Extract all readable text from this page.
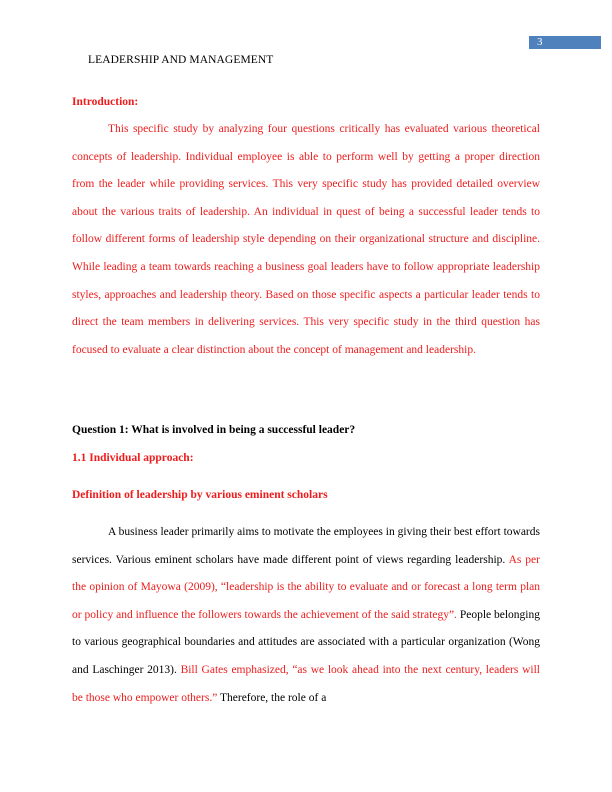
3
LEADERSHIP AND MANAGEMENT
Introduction:

This specific study by analyzing four questions critically has evaluated various theoretical concepts of leadership. Individual employee is able to perform well by getting a proper direction from the leader while providing services. This very specific study has provided detailed overview about the various traits of leadership. An individual in quest of being a successful leader tends to follow different forms of leadership style depending on their organizational structure and discipline. While leading a team towards reaching a business goal leaders have to follow appropriate leadership styles, approaches and leadership theory. Based on those specific aspects a particular leader tends to direct the team members in delivering services. This very specific study in the third question has focused to evaluate a clear distinction about the concept of management and leadership.

Question 1: What is involved in being a successful leader?
1.1 Individual approach:
Definition of leadership by various eminent scholars

A business leader primarily aims to motivate the employees in giving their best effort towards services. Various eminent scholars have made different point of views regarding leadership. As per the opinion of Mayowa (2009), “leadership is the ability to evaluate and or forecast a long term plan or policy and influence the followers towards the achievement of the said strategy”. People belonging to various geographical boundaries and attitudes are associated with a particular organization (Wong and Laschinger 2013). Bill Gates emphasized, “as we look ahead into the next century, leaders will be those who empower others.” Therefore, the role of a
